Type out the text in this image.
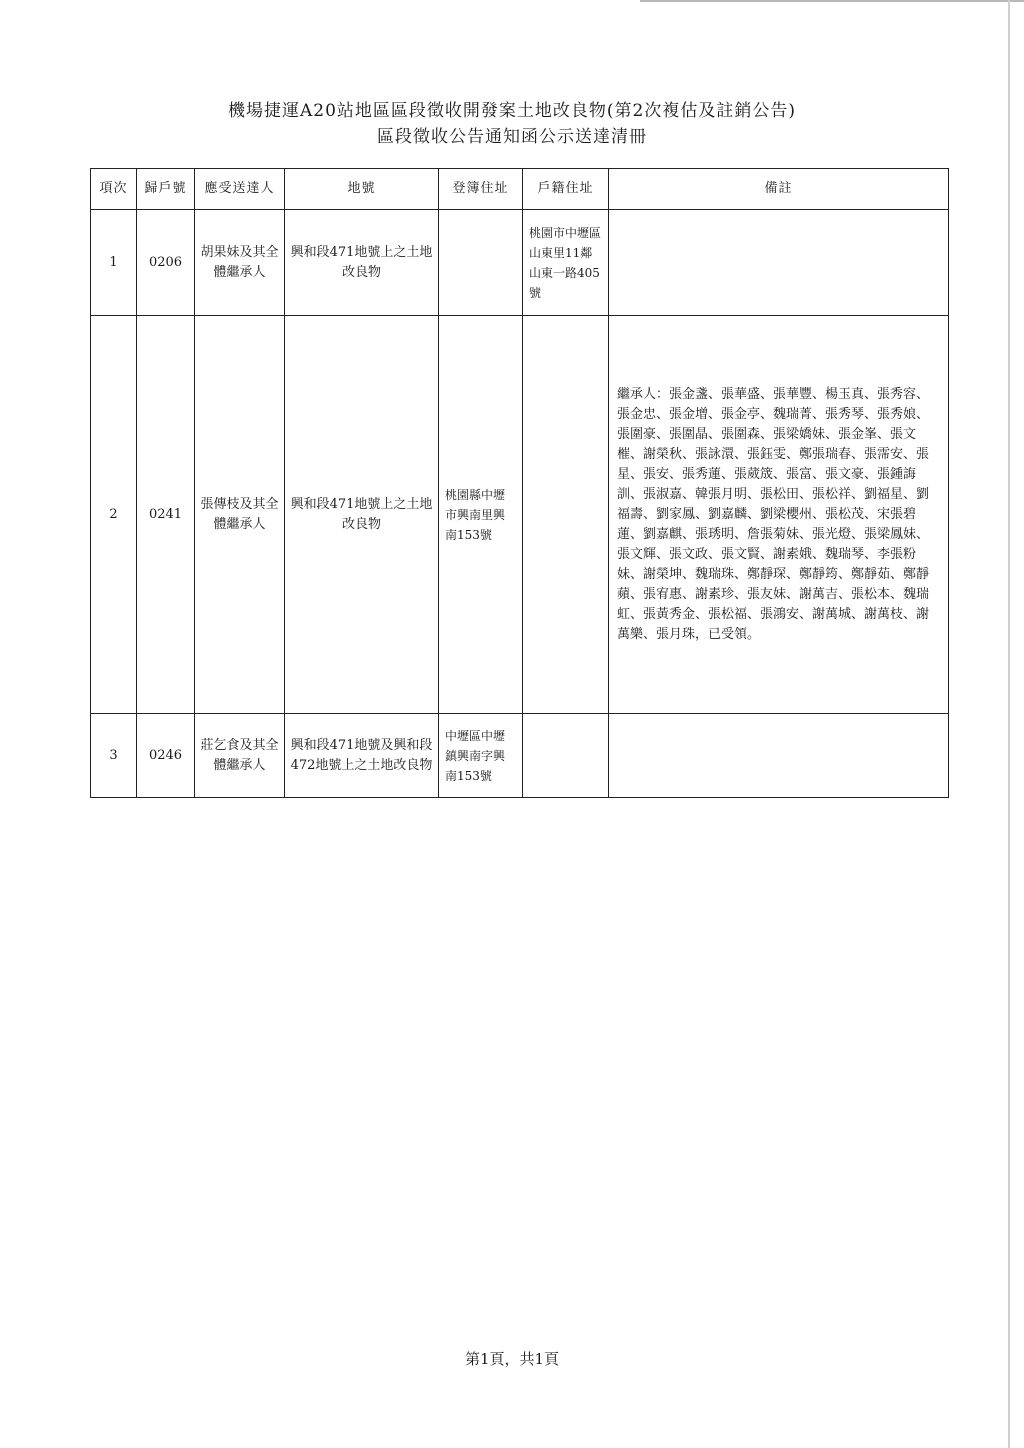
機場捷運A20站地區區段徵收開發案土地改良物(第2次複估及註銷公告)
區段徵收公告通知函公示送達清冊
項次	歸戶號	應受送達人	地號	登簿住址	戶籍住址	備註
1	0206	胡果妹及其全體繼承人	興和段471地號上之土地改良物		桃園市中壢區山東里11鄰山東一路405號	
2	0241	張傳枝及其全體繼承人	興和段471地號上之土地改良物	桃園縣中壢市興南里興南153號		繼承人：張金盞、張華盛、張華豐、楊玉真、張秀容、張金忠、張金增、張金亭、魏瑞菁、張秀琴、張秀娘、張圍豪、張圍晶、張圍森、張梁嬌妹、張金峯、張文槯、謝榮秋、張詠澴、張鈺雯、鄭張瑞春、張霈安、張星、張安、張秀蓮、張葳筬、張富、張文豪、張鍾誨訓、張淑嘉、韓張月明、張松田、張松祥、劉福星、劉福壽、劉家鳳、劉嘉麟、劉梁櫻州、張松茂、宋張碧蓮、劉嘉麒、張琇明、詹張菊妹、張光燈、張梁鳳妹、張文輝、張文政、張文賢、謝素娥、魏瑞琴、李張粉妹、謝榮坤、魏瑞珠、鄭靜琛、鄭靜筠、鄭靜茹、鄭靜蘋、張宥惠、謝素珍、張友妹、謝萬吉、張松本、魏瑞虹、張黃秀金、張松福、張鴻安、謝萬城、謝萬枝、謝萬樂、張月珠，已受領。
3	0246	莊乞食及其全體繼承人	興和段471地號及興和段472地號上之土地改良物	中壢區中壢鎮興南字興南153號		
第1頁，共1頁
